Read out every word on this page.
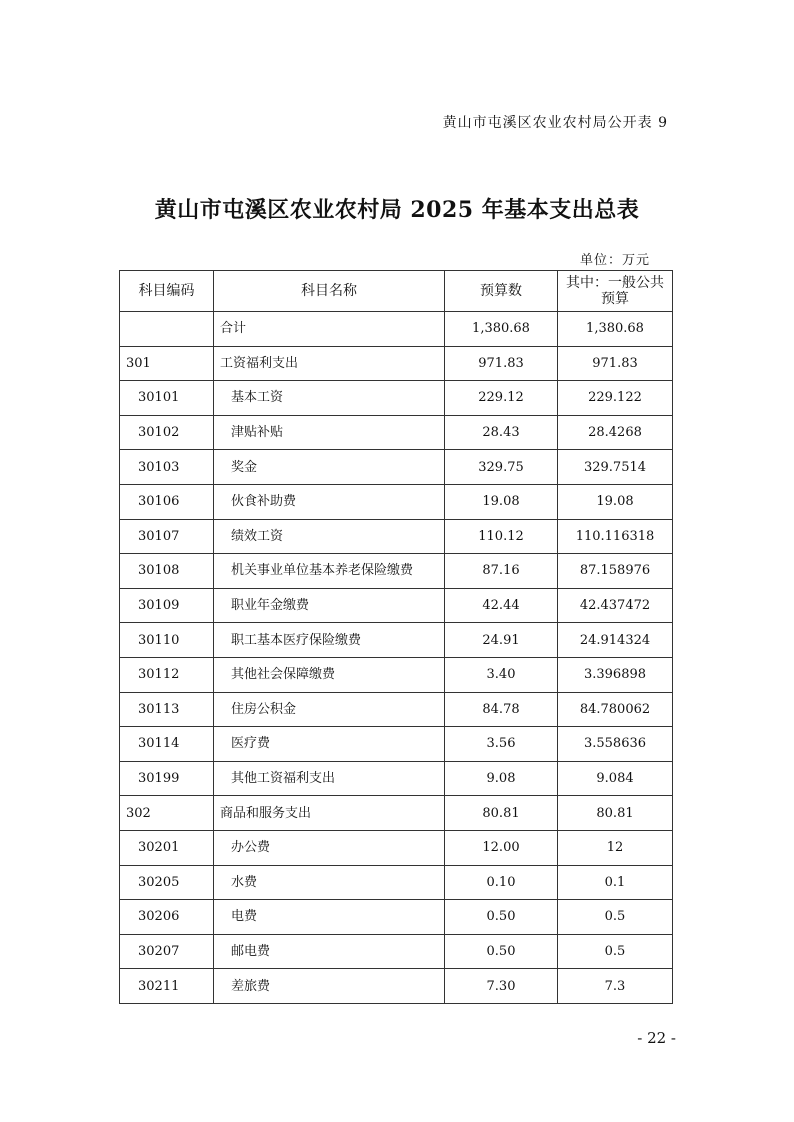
黄山市屯溪区农业农村局公开表 9
黄山市屯溪区农业农村局 2025 年基本支出总表
单位：万元
科目编码	科目名称	预算数	其中：一般公共预算
	合计	1,380.68	1,380.68
301	工资福利支出	971.83	971.83
30101	基本工资	229.12	229.122
30102	津贴补贴	28.43	28.4268
30103	奖金	329.75	329.7514
30106	伙食补助费	19.08	19.08
30107	绩效工资	110.12	110.116318
30108	机关事业单位基本养老保险缴费	87.16	87.158976
30109	职业年金缴费	42.44	42.437472
30110	职工基本医疗保险缴费	24.91	24.914324
30112	其他社会保障缴费	3.40	3.396898
30113	住房公积金	84.78	84.780062
30114	医疗费	3.56	3.558636
30199	其他工资福利支出	9.08	9.084
302	商品和服务支出	80.81	80.81
30201	办公费	12.00	12
30205	水费	0.10	0.1
30206	电费	0.50	0.5
30207	邮电费	0.50	0.5
30211	差旅费	7.30	7.3
- 22 -
